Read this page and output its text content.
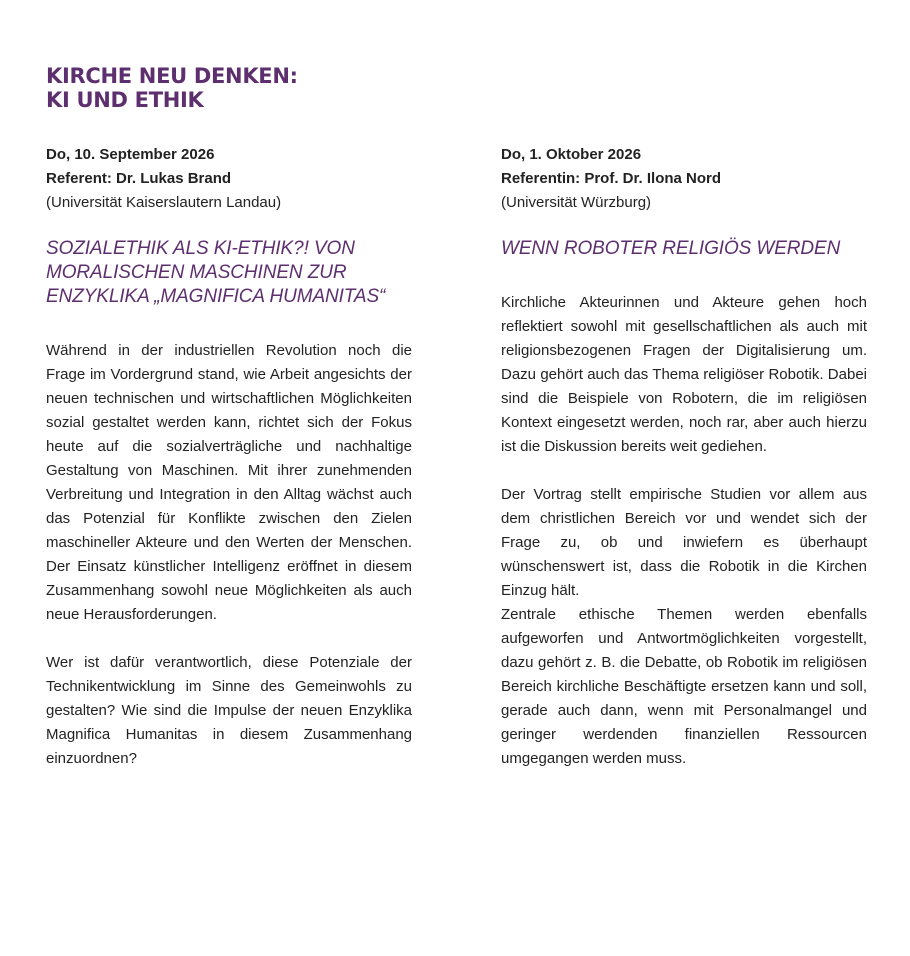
KIRCHE NEU DENKEN:
KI UND ETHIK
Do, 10. September 2026
Referent: Dr. Lukas Brand
(Universität Kaiserslautern Landau)
SOZIALETHIK ALS KI-ETHIK?! VON MORALISCHEN MASCHINEN ZUR ENZYKLIKA „MAGNIFICA HUMANITAS“

Während in der industriellen Revolution noch die Frage im Vordergrund stand, wie Arbeit angesichts der neuen technischen und wirtschaftlichen Möglichkeiten sozial gestaltet werden kann, richtet sich der Fokus heute auf die sozialverträgliche und nachhaltige Gestaltung von Maschinen. Mit ihrer zunehmenden Verbreitung und Integration in den Alltag wächst auch das Potenzial für Konflikte zwischen den Zielen maschineller Akteure und den Werten der Menschen. Der Einsatz künstlicher Intelligenz eröffnet in diesem Zusammenhang sowohl neue Möglichkeiten als auch neue Herausforderungen.

Wer ist dafür verantwortlich, diese Potenziale der Technikentwicklung im Sinne des Gemeinwohls zu gestalten? Wie sind die Impulse der neuen Enzyklika Magnifica Humanitas in diesem Zusammenhang einzuordnen?

Do, 1. Oktober 2026
Referentin: Prof. Dr. Ilona Nord
(Universität Würzburg)
WENN ROBOTER RELIGIÖS WERDEN

Kirchliche Akteurinnen und Akteure gehen hoch reflektiert sowohl mit gesellschaftlichen als auch mit religionsbezogenen Fragen der Digitalisierung um. Dazu gehört auch das Thema religiöser Robotik. Dabei sind die Beispiele von Robotern, die im religiösen Kontext eingesetzt werden, noch rar, aber auch hierzu ist die Diskussion bereits weit gediehen.

Der Vortrag stellt empirische Studien vor allem aus dem christlichen Bereich vor und wendet sich der Frage zu, ob und inwiefern es überhaupt wünschenswert ist, dass die Robotik in die Kirchen Einzug hält.

Zentrale ethische Themen werden ebenfalls aufgeworfen und Antwortmöglichkeiten vorgestellt, dazu gehört z. B. die Debatte, ob Robotik im religiösen Bereich kirchliche Beschäftigte ersetzen kann und soll, gerade auch dann, wenn mit Personalmangel und geringer werdenden finanziellen Ressourcen umgegangen werden muss.
